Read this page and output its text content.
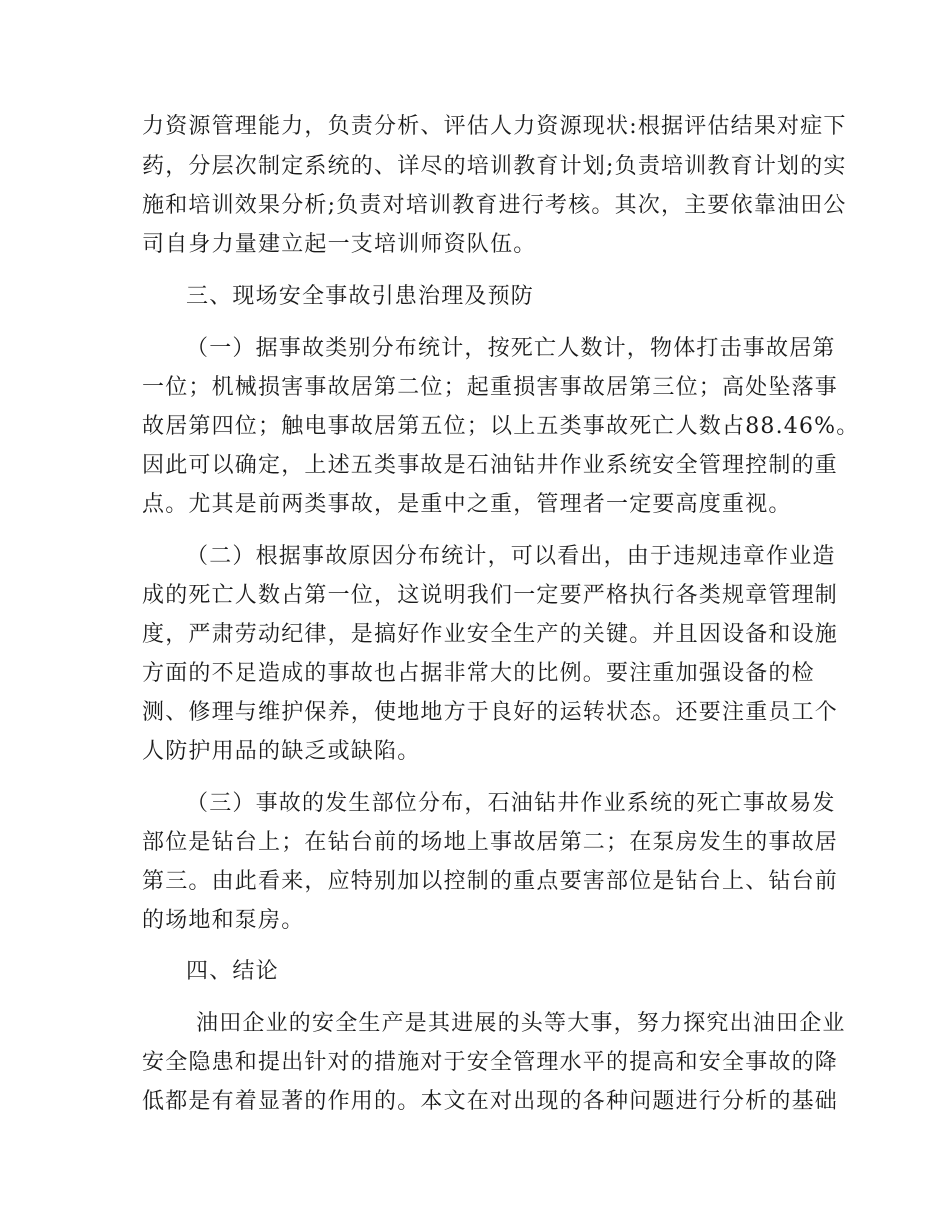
力资源管理能力，负责分析、评估人力资源现状:根据评估结果对症下
药，分层次制定系统的、详尽的培训教育计划;负责培训教育计划的实
施和培训效果分析;负责对培训教育进行考核。其次，主要依靠油田公
司自身力量建立起一支培训师资队伍。
三、现场安全事故引患治理及预防
（一）据事故类别分布统计，按死亡人数计，物体打击事故居第
一位；机械损害事故居第二位；起重损害事故居第三位；高处坠落事
故居第四位；触电事故居第五位；以上五类事故死亡人数占88.46%。
因此可以确定，上述五类事故是石油钻井作业系统安全管理控制的重
点。尤其是前两类事故，是重中之重，管理者一定要高度重视。
（二）根据事故原因分布统计，可以看出，由于违规违章作业造
成的死亡人数占第一位，这说明我们一定要严格执行各类规章管理制
度，严肃劳动纪律，是搞好作业安全生产的关键。并且因设备和设施
方面的不足造成的事故也占据非常大的比例。要注重加强设备的检
测、修理与维护保养，使地地方于良好的运转状态。还要注重员工个
人防护用品的缺乏或缺陷。
（三）事故的发生部位分布，石油钻井作业系统的死亡事故易发
部位是钻台上；在钻台前的场地上事故居第二；在泵房发生的事故居
第三。由此看来，应特别加以控制的重点要害部位是钻台上、钻台前
的场地和泵房。
四、结论
油田企业的安全生产是其进展的头等大事，努力探究出油田企业
安全隐患和提出针对的措施对于安全管理水平的提高和安全事故的降
低都是有着显著的作用的。本文在对出现的各种问题进行分析的基础
